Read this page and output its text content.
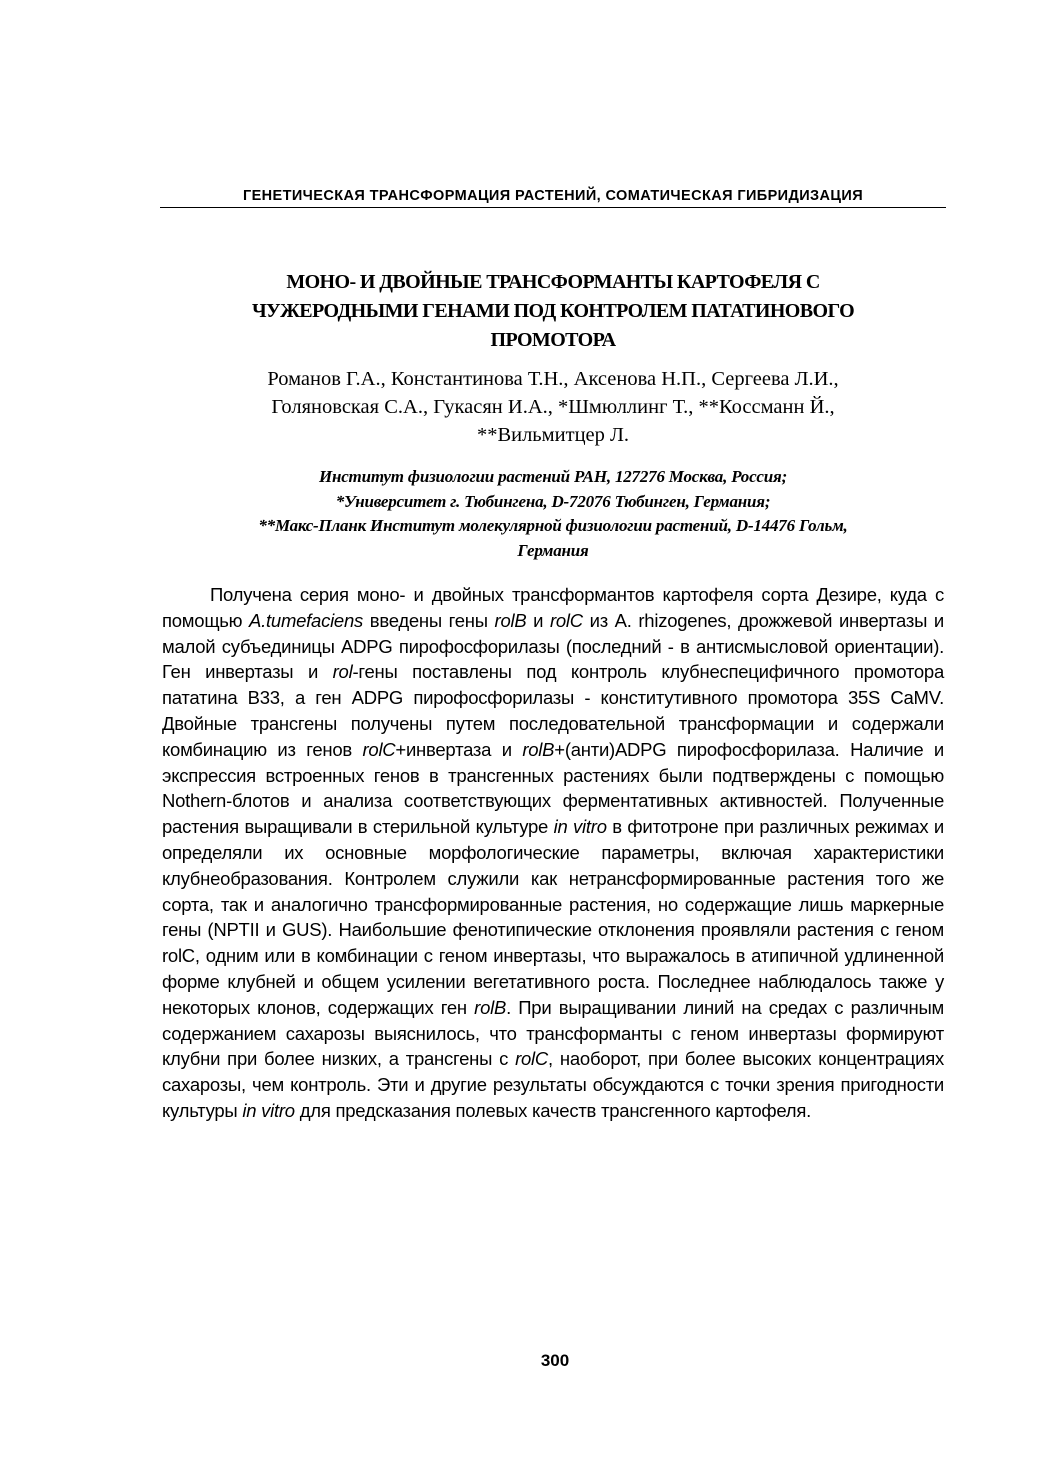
ГЕНЕТИЧЕСКАЯ ТРАНСФОРМАЦИЯ РАСТЕНИЙ, СОМАТИЧЕСКАЯ ГИБРИДИЗАЦИЯ
МОНО- И ДВОЙНЫЕ ТРАНСФОРМАНТЫ КАРТОФЕЛЯ С
ЧУЖЕРОДНЫМИ ГЕНАМИ ПОД КОНТРОЛЕМ ПАТАТИНОВОГО
ПРОМОТОРА
Романов Г.А., Константинова Т.Н., Аксенова Н.П., Сергеева Л.И.,
Голяновская С.А., Гукасян И.А., *Шмюллинг Т., **Коссманн Й.,
**Вильмитцер Л.
Институт физиологии растений РАН, 127276 Москва, Россия;
*Университет г. Тюбингена, D-72076 Тюбинген, Германия;
**Макс-Планк Институт молекулярной физиологии растений, D-14476 Гольм,
Германия

Получена серия моно- и двойных трансформантов картофеля сорта Дезире, куда с помощью A.tumefaciens введены гены rolB и rolC из A. rhizogenes, дрожжевой инвертазы и малой субъединицы ADPG пирофосфорилазы (последний - в антисмысловой ориентации). Ген инвертазы и rol-гены поставлены под контроль клубнеспецифичного промотора пататина B33, а ген ADPG пирофосфорилазы - конститутивного промотора 35S CaMV. Двойные трансгены получены путем последовательной трансформации и содержали комбинацию из генов rolC+инвертаза и rolB+(анти)ADPG пирофосфорилаза. Наличие и экспрессия встроенных генов в трансгенных растениях были подтверждены с помощью Nothern-блотов и анализа соответствующих ферментативных активностей. Полученные растения выращивали в стерильной культуре in vitro в фитотроне при различных режимах и определяли их основные морфологические параметры, включая характеристики клубнеобразования. Контролем служили как нетрансформированные растения того же сорта, так и аналогично трансформированные растения, но содержащие лишь маркерные гены (NPTII и GUS). Наибольшие фенотипические отклонения проявляли растения с геном rolC, одним или в комбинации с геном инвертазы, что выражалось в атипичной удлиненной форме клубней и общем усилении вегетативного роста. Последнее наблюдалось также у некоторых клонов, содержащих ген rolB. При выращивании линий на средах с различным содержанием сахарозы выяснилось, что трансформанты с геном инвертазы формируют клубни при более низких, а трансгены с rolC, наоборот, при более высоких концентрациях сахарозы, чем контроль. Эти и другие результаты обсуждаются с точки зрения пригодности культуры in vitro для предсказания полевых качеств трансгенного картофеля.

300
